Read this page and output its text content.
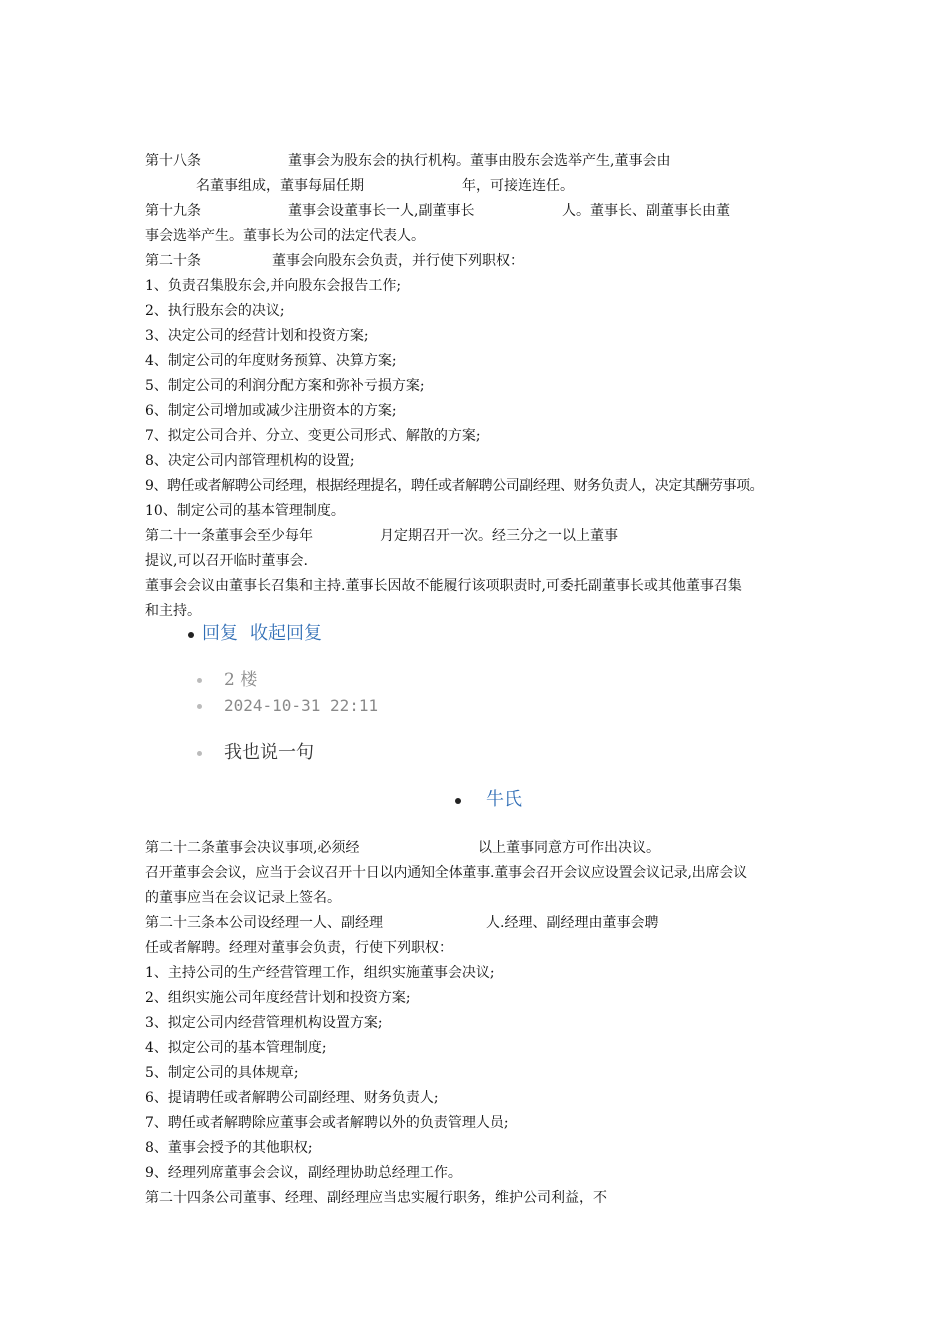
第十八条	董事会为股东会的执行机构。董事由股东会选举产生,董事会由
名董事组成，董事每届任期	年，可接连连任。
第十九条	董事会设董事长一人,副董事长	人。董事长、副董事长由董
事会选举产生。董事长为公司的法定代表人。
第二十条	董事会向股东会负责，并行使下列职权：
1、负责召集股东会,并向股东会报告工作;
2、执行股东会的决议;
3、决定公司的经营计划和投资方案;
4、制定公司的年度财务预算、决算方案;
5、制定公司的利润分配方案和弥补亏损方案;
6、制定公司增加或减少注册资本的方案;
7、拟定公司合并、分立、变更公司形式、解散的方案;
8、决定公司内部管理机构的设置;
9、聘任或者解聘公司经理，根据经理提名，聘任或者解聘公司副经理、财务负责人，决定其酬劳事项。
10、制定公司的基本管理制度。
第二十一条董事会至少每年	月定期召开一次。经三分之一以上董事
提议,可以召开临时董事会.
董事会会议由董事长召集和主持.董事长因故不能履行该项职责时,可委托副董事长或其他董事召集
和主持。
回复 收起回复
2 楼
2024-10-31 22:11
我也说一句
牛氏
第二十二条董事会决议事项,必须经	以上董事同意方可作出决议。
召开董事会会议，应当于会议召开十日以内通知全体董事.董事会召开会议应设置会议记录,出席会议
的董事应当在会议记录上签名。
第二十三条本公司设经理一人、副经理	人.经理、副经理由董事会聘
任或者解聘。经理对董事会负责，行使下列职权：
1、主持公司的生产经营管理工作，组织实施董事会决议;
2、组织实施公司年度经营计划和投资方案;
3、拟定公司内经营管理机构设置方案;
4、拟定公司的基本管理制度;
5、制定公司的具体规章;
6、提请聘任或者解聘公司副经理、财务负责人;
7、聘任或者解聘除应董事会或者解聘以外的负责管理人员;
8、董事会授予的其他职权;
9、经理列席董事会会议，副经理协助总经理工作。
第二十四条公司董事、经理、副经理应当忠实履行职务，维护公司利益，不
